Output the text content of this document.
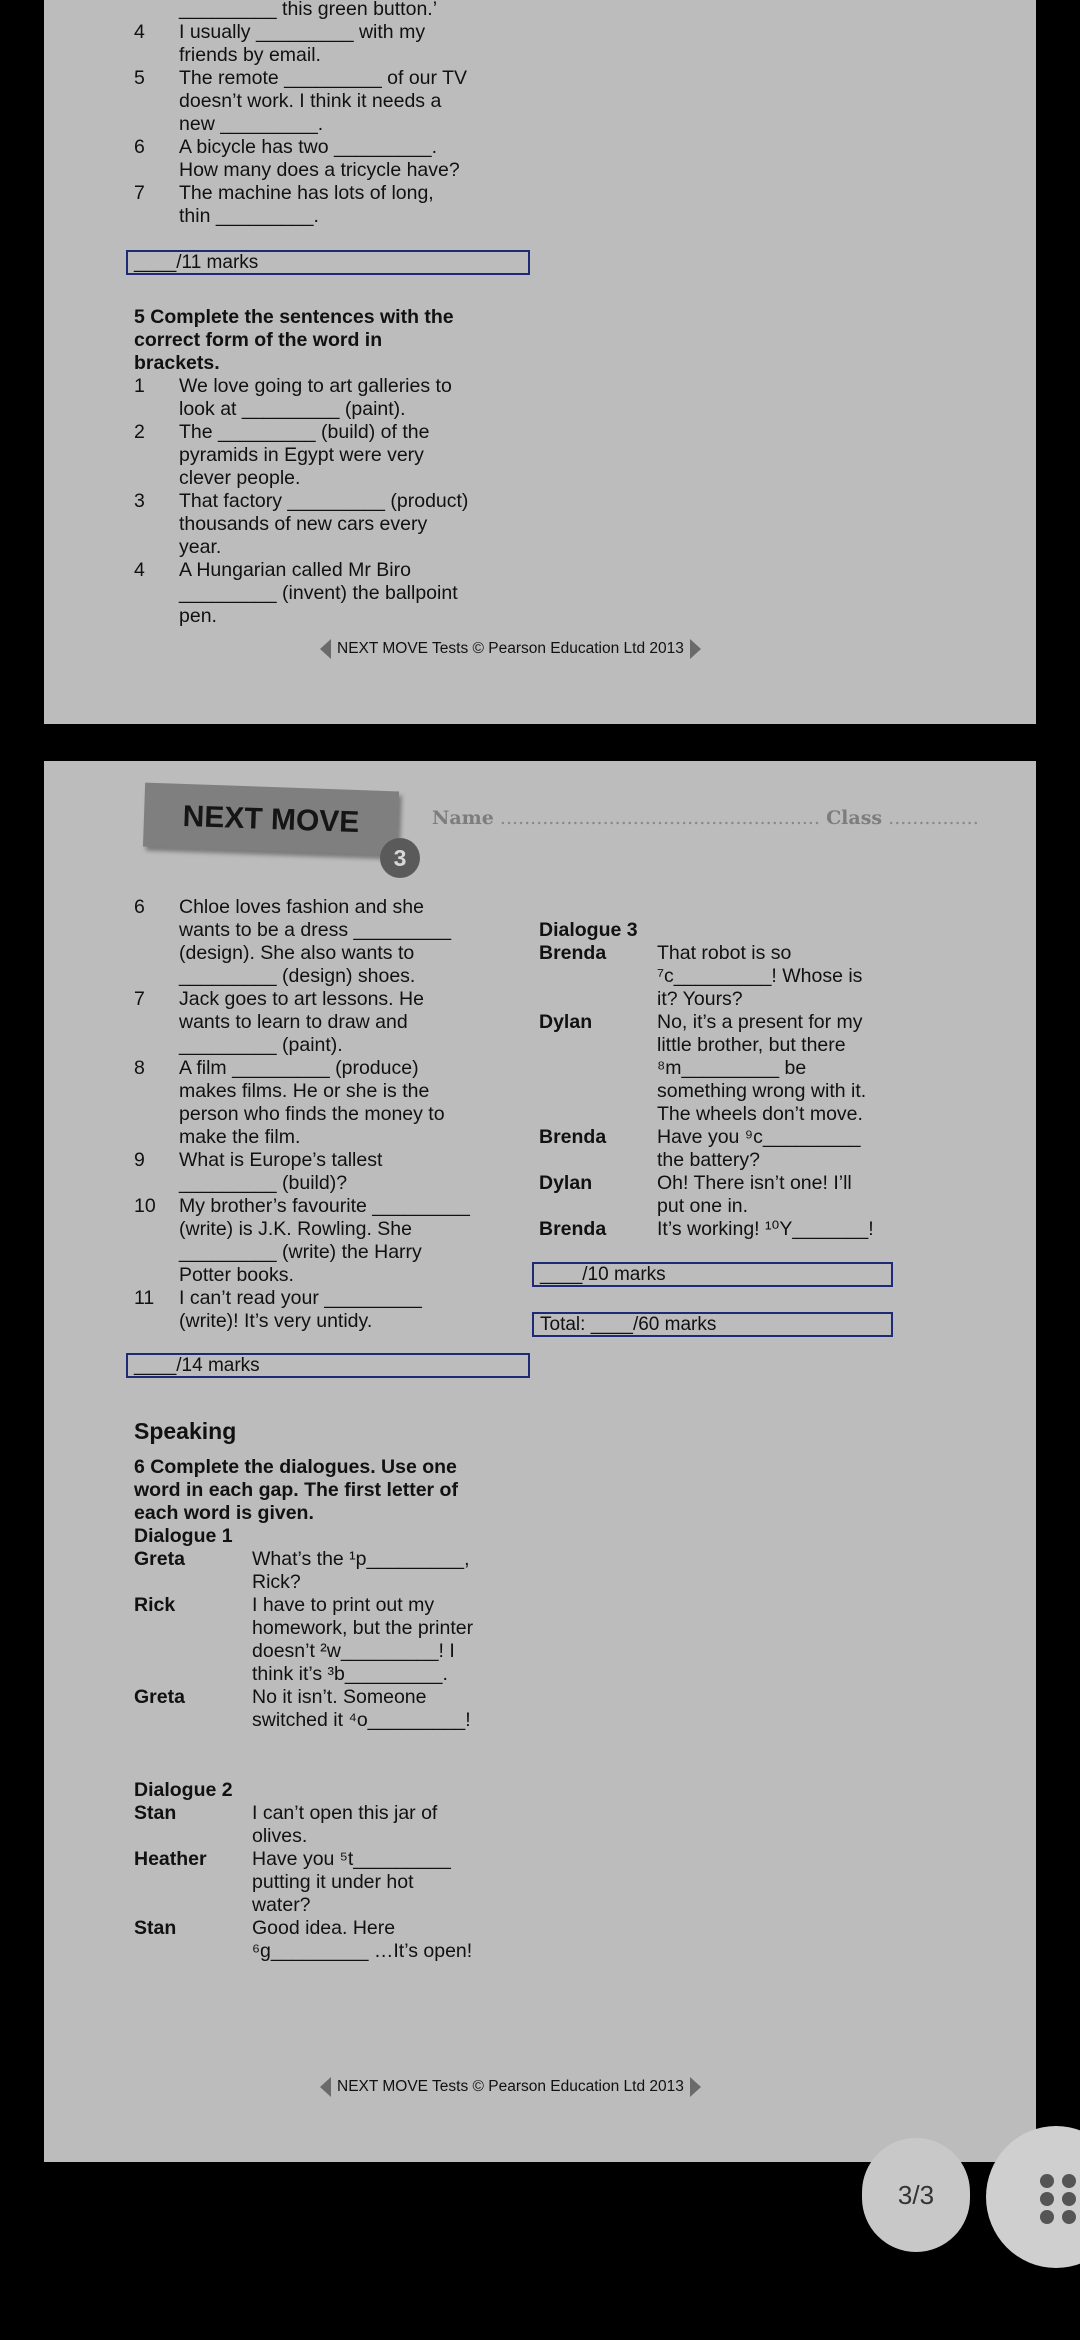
_________ this green button.’
4 I usually _________ with my
friends by email.
5 The remote _________ of our TV
doesn’t work. I think it needs a
new _________.
6 A bicycle has two _________.
How many does a tricycle have?
7 The machine has lots of long,
thin _________.
5 Complete the sentences with the
correct form of the word in
brackets.
1 We love going to art galleries to
look at _________ (paint).
2 The _________ (build) of the
pyramids in Egypt were very
clever people.
3 That factory _________ (product)
thousands of new cars every
year.
4 A Hungarian called Mr Biro
_________ (invent) the ballpoint
pen.
____/11 marks
NEXT MOVE Tests © Pearson Education Ltd 2013
NEXT MOVE
3
Name ..................................................... Class ...............
6 Chloe loves fashion and she
wants to be a dress _________
(design). She also wants to
_________ (design) shoes.
7 Jack goes to art lessons. He
wants to learn to draw and
_________ (paint).
8 A film _________ (produce)
makes films. He or she is the
person who finds the money to
make the film.
9 What is Europe’s tallest
_________ (build)?
10 My brother’s favourite _________
(write) is J.K. Rowling. She
_________ (write) the Harry
Potter books.
11 I can’t read your _________
(write)! It’s very untidy.
____/14 marks
Speaking
6 Complete the dialogues. Use one
word in each gap. The first letter of
each word is given.
Dialogue 1
Greta	What’s the ¹p_________,
Rick?
Rick	I have to print out my
homework, but the printer
doesn’t ²w_________! I
think it’s ³b_________.
Greta	No it isn’t. Someone
switched it ⁴o_________!
Dialogue 2
Stan	I can’t open this jar of
olives.
Heather Have you ⁵t_________
putting it under hot
water?
Stan	Good idea. Here
⁶g_________ …It’s open!
Dialogue 3
Brenda	That robot is so
⁷c_________! Whose is
it? Yours?
Dylan	No, it’s a present for my
little brother, but there
⁸m_________ be
something wrong with it.
The wheels don’t move.
Brenda	Have you ⁹c_________
the battery?
Dylan	Oh! There isn’t one! I’ll
put one in.
Brenda	It’s working! ¹⁰Y_______!
____/10 marks
Total: ____/60 marks
NEXT MOVE Tests © Pearson Education Ltd 2013
3/3
